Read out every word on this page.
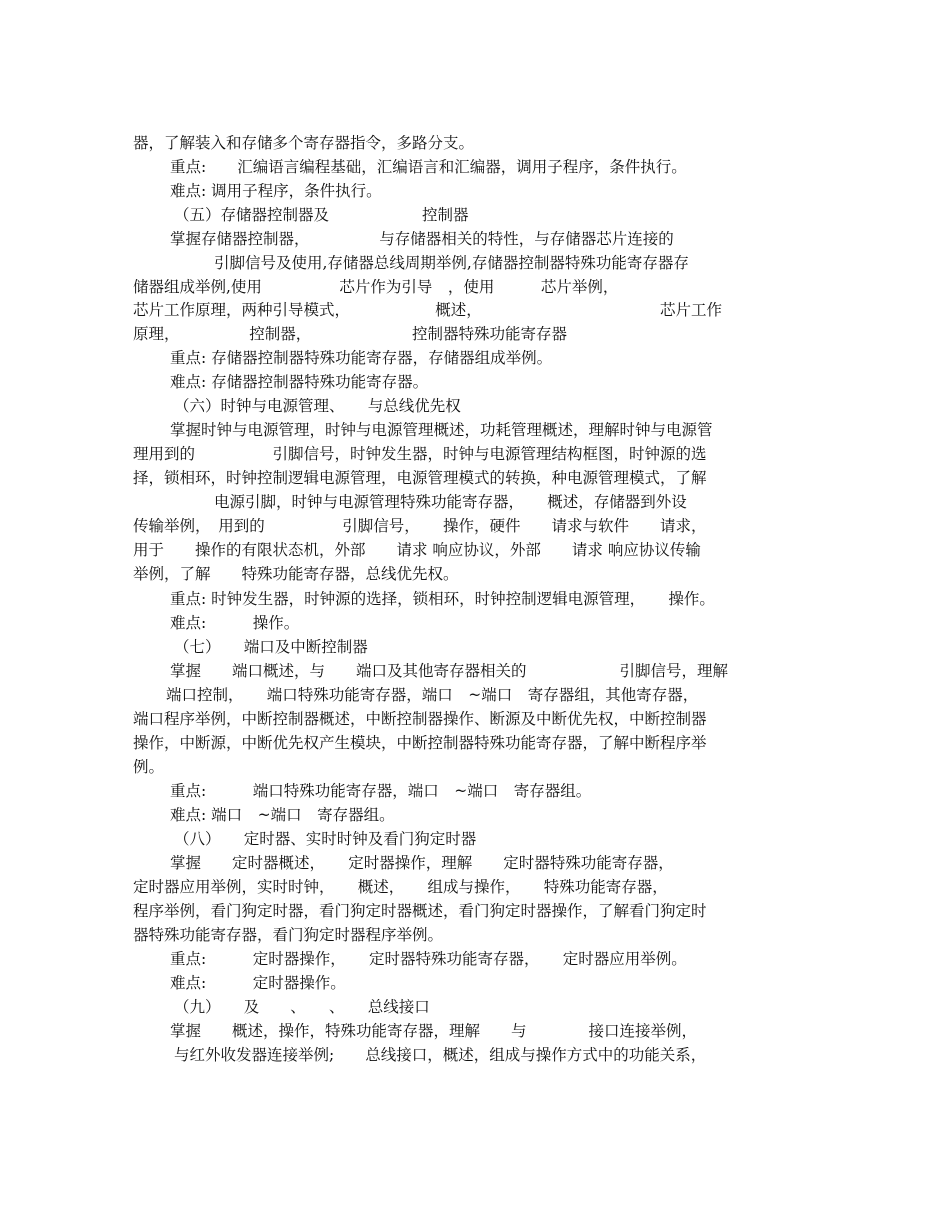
器，了解装入和存储多个寄存器指令，多路分支。
重点:　　汇编语言编程基础，汇编语言和汇编器，调用子程序，条件执行。
难点: 调用子程序，条件执行。
（五）存储器控制器及　　　　　　控制器
掌握存储器控制器，　　　　　与存储器相关的特性，与存储器芯片连接的
引脚信号及使用,存储器总线周期举例,存储器控制器特殊功能寄存器存
储器组成举例,使用　　　　　芯片作为引导　，使用　　　芯片举例，
芯片工作原理，两种引导模式，　　　　　　概述，　　　　　　　　　　　　芯片工作
原理，　　　　　控制器，　　　　　　　控制器特殊功能寄存器
重点: 存储器控制器特殊功能寄存器，存储器组成举例。
难点: 存储器控制器特殊功能寄存器。
（六）时钟与电源管理、　　与总线优先权
掌握时钟与电源管理，时钟与电源管理概述，功耗管理概述，理解时钟与电源管
理用到的　　　　　引脚信号，时钟发生器，时钟与电源管理结构框图，时钟源的选
择，锁相环，时钟控制逻辑电源管理，电源管理模式的转换，种电源管理模式，了解
电源引脚，时钟与电源管理特殊功能寄存器，　　概述，存储器到外设
传输举例，　用到的　　　　　引脚信号，　　操作，硬件　　请求与软件　　请求，
用于　　操作的有限状态机，外部　　请求 响应协议，外部　　请求 响应协议传输
举例，了解　　特殊功能寄存器，总线优先权。
重点: 时钟发生器，时钟源的选择，锁相环，时钟控制逻辑电源管理，　　操作。
难点:　　　操作。
（七）　　端口及中断控制器
掌握　　端口概述，与　　端口及其他寄存器相关的　　　　　　引脚信号，理解
端口控制，　　端口特殊功能寄存器，端口　~端口　寄存器组，其他寄存器，
端口程序举例，中断控制器概述，中断控制器操作、断源及中断优先权，中断控制器
操作，中断源，中断优先权产生模块，中断控制器特殊功能寄存器，了解中断程序举
例。
重点:　　　端口特殊功能寄存器，端口　~端口　寄存器组。
难点: 端口　~端口　寄存器组。
（八）　　定时器、实时时钟及看门狗定时器
掌握　　定时器概述，　　定时器操作，理解　　定时器特殊功能寄存器，
定时器应用举例，实时时钟，　　概述，　　组成与操作，　　特殊功能寄存器，
程序举例，看门狗定时器，看门狗定时器概述，看门狗定时器操作，了解看门狗定时
器特殊功能寄存器，看门狗定时器程序举例。
重点:　　　定时器操作，　　定时器特殊功能寄存器，　　定时器应用举例。
难点:　　　定时器操作。
（九）　　及　　、　　、　　总线接口
掌握　　概述，操作，特殊功能寄存器，理解　　与　　　　接口连接举例，
与红外收发器连接举例;　　总线接口，概述，组成与操作方式中的功能关系，
